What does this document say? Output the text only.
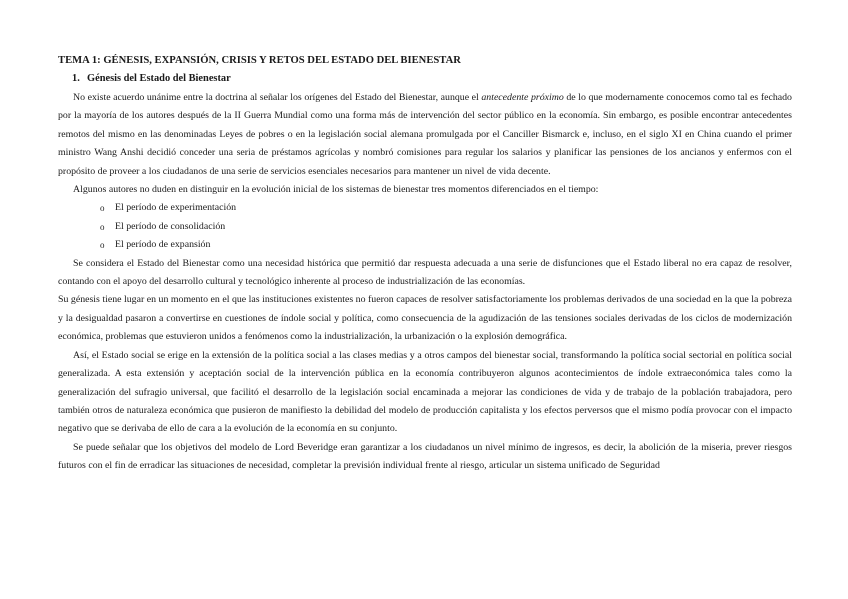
TEMA 1: GÉNESIS, EXPANSIÓN, CRISIS Y RETOS DEL ESTADO DEL BIENESTAR
1. Génesis del Estado del Bienestar

No existe acuerdo unánime entre la doctrina al señalar los orígenes del Estado del Bienestar, aunque el antecedente próximo de lo que modernamente conocemos como tal es fechado por la mayoría de los autores después de la II Guerra Mundial como una forma más de intervención del sector público en la economía. Sin embargo, es posible encontrar antecedentes remotos del mismo en las denominadas Leyes de pobres o en la legislación social alemana promulgada por el Canciller Bismarck e, incluso, en el siglo XI en China cuando el primer ministro Wang Anshi decidió conceder una seria de préstamos agrícolas y nombró comisiones para regular los salarios y planificar las pensiones de los ancianos y enfermos con el propósito de proveer a los ciudadanos de una serie de servicios esenciales necesarios para mantener un nivel de vida decente.

Algunos autores no duden en distinguir en la evolución inicial de los sistemas de bienestar tres momentos diferenciados en el tiempo:

o El período de experimentación
o El período de consolidación
o El período de expansión

Se considera el Estado del Bienestar como una necesidad histórica que permitió dar respuesta adecuada a una serie de disfunciones que el Estado liberal no era capaz de resolver, contando con el apoyo del desarrollo cultural y tecnológico inherente al proceso de industrialización de las economías.

Su génesis tiene lugar en un momento en el que las instituciones existentes no fueron capaces de resolver satisfactoriamente los problemas derivados de una sociedad en la que la pobreza y la desigualdad pasaron a convertirse en cuestiones de índole social y política, como consecuencia de la agudización de las tensiones sociales derivadas de los ciclos de modernización económica, problemas que estuvieron unidos a fenómenos como la industrialización, la urbanización o la explosión demográfica.

Así, el Estado social se erige en la extensión de la política social a las clases medias y a otros campos del bienestar social, transformando la política social sectorial en política social generalizada. A esta extensión y aceptación social de la intervención pública en la economía contribuyeron algunos acontecimientos de índole extraeconómica tales como la generalización del sufragio universal, que facilitó el desarrollo de la legislación social encaminada a mejorar las condiciones de vida y de trabajo de la población trabajadora, pero también otros de naturaleza económica que pusieron de manifiesto la debilidad del modelo de producción capitalista y los efectos perversos que el mismo podía provocar con el impacto negativo que se derivaba de ello de cara a la evolución de la economía en su conjunto.

Se puede señalar que los objetivos del modelo de Lord Beveridge eran garantizar a los ciudadanos un nivel mínimo de ingresos, es decir, la abolición de la miseria, prever riesgos futuros con el fin de erradicar las situaciones de necesidad, completar la previsión individual frente al riesgo, articular un sistema unificado de Seguridad
